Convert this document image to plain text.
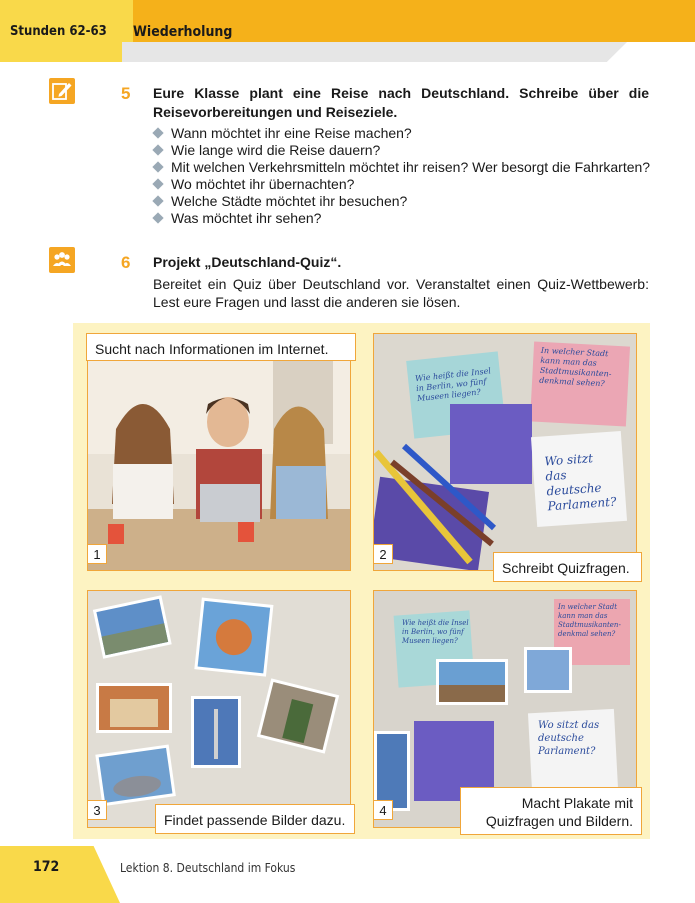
Stunden 62-63 Wiederholung
5 Eure Klasse plant eine Reise nach Deutschland. Schreibe über die Reisevorbereitungen und Reiseziele.
Wann möchtet ihr eine Reise machen?
Wie lange wird die Reise dauern?
Mit welchen Verkehrsmitteln möchtet ihr reisen? Wer besorgt die Fahrkarten?
Wo möchtet ihr übernachten?
Welche Städte möchtet ihr besuchen?
Was möchtet ihr sehen?
6 Projekt „Deutschland-Quiz“.
Bereitet ein Quiz über Deutschland vor. Veranstaltet einen Quiz-Wettbewerb: Lest eure Fragen und lasst die anderen sie lösen.
Sucht nach Informationen im Internet.
1
Wie heißt die Insel in Berlin, wo fünf Museen liegen?
In welcher Stadt kann man das Stadtmusikanten-denkmal sehen?
Wo sitzt das deutsche Parlament?
2
Schreibt Quizfragen.
3
Findet passende Bilder dazu.
Wie heißt die Insel in Berlin, wo fünf Museen liegen?
In welcher Stadt kann man das Stadtmusikanten-denkmal sehen?
Wo sitzt das deutsche Parlament?
4	Macht Plakate mit
Quizfragen und Bildern.
172	Lektion 8. Deutschland im Fokus
